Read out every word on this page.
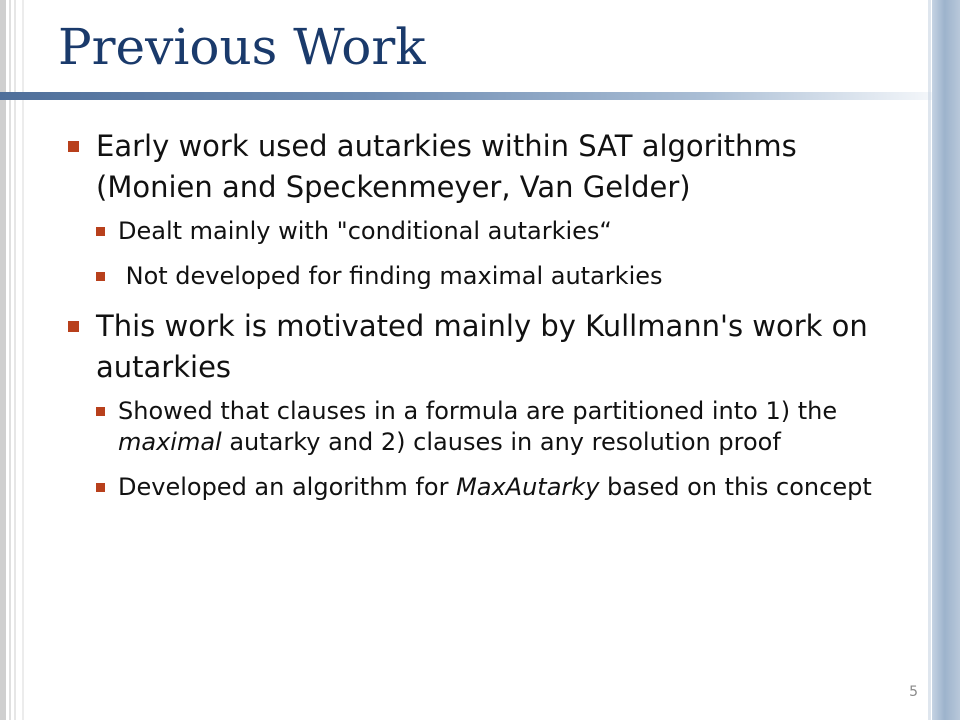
Previous Work
Early work used autarkies within SAT algorithms (Monien and Speckenmeyer, Van Gelder)
Dealt mainly with "conditional autarkies“
Not developed for finding maximal autarkies
This work is motivated mainly by Kullmann's work on autarkies
Showed that clauses in a formula are partitioned into 1) the maximal autarky and 2) clauses in any resolution proof
Developed an algorithm for MaxAutarky based on this concept
5
